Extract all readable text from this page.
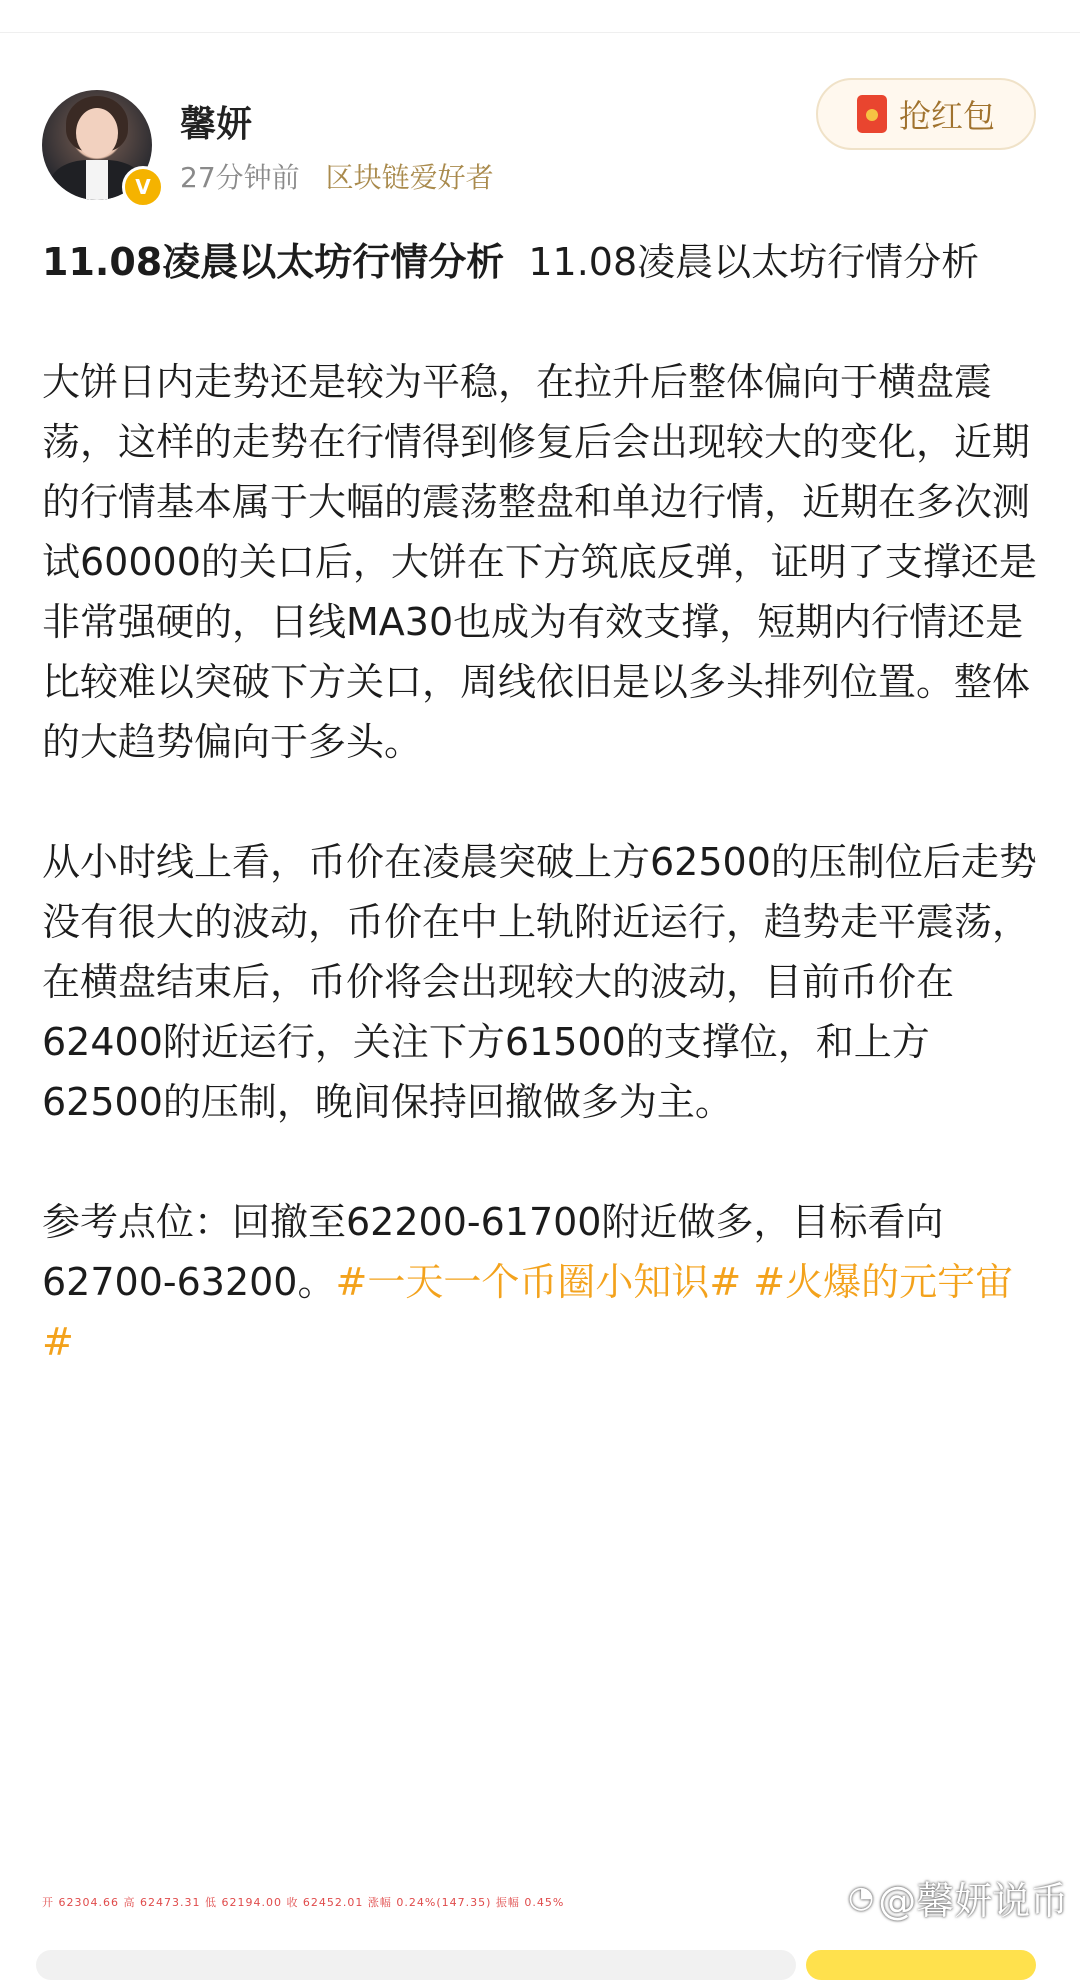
V
馨妍
27分钟前 区块链爱好者
抢红包

11.08凌晨以太坊行情分析 11.08凌晨以太坊行情分析

大饼日内走势还是较为平稳，在拉升后整体偏向于横盘震荡，这样的走势在行情得到修复后会出现较大的变化，近期的行情基本属于大幅的震荡整盘和单边行情，近期在多次测试60000的关口后，大饼在下方筑底反弹，证明了支撑还是非常强硬的，日线MA30也成为有效支撑，短期内行情还是比较难以突破下方关口，周线依旧是以多头排列位置。整体的大趋势偏向于多头。

从小时线上看，币价在凌晨突破上方62500的压制位后走势没有很大的波动，币价在中上轨附近运行，趋势走平震荡，在横盘结束后，币价将会出现较大的波动，目前币价在62400附近运行，关注下方61500的支撑位，和上方62500的压制，晚间保持回撤做多为主。

参考点位：回撤至62200-61700附近做多，目标看向62700-63200。#一天一个币圈小知识# #火爆的元宇宙#

开 62304.66 高 62473.31 低 62194.00 收 62452.01 涨幅 0.24%(147.35) 振幅 0.45%	◔ @馨妍说币
